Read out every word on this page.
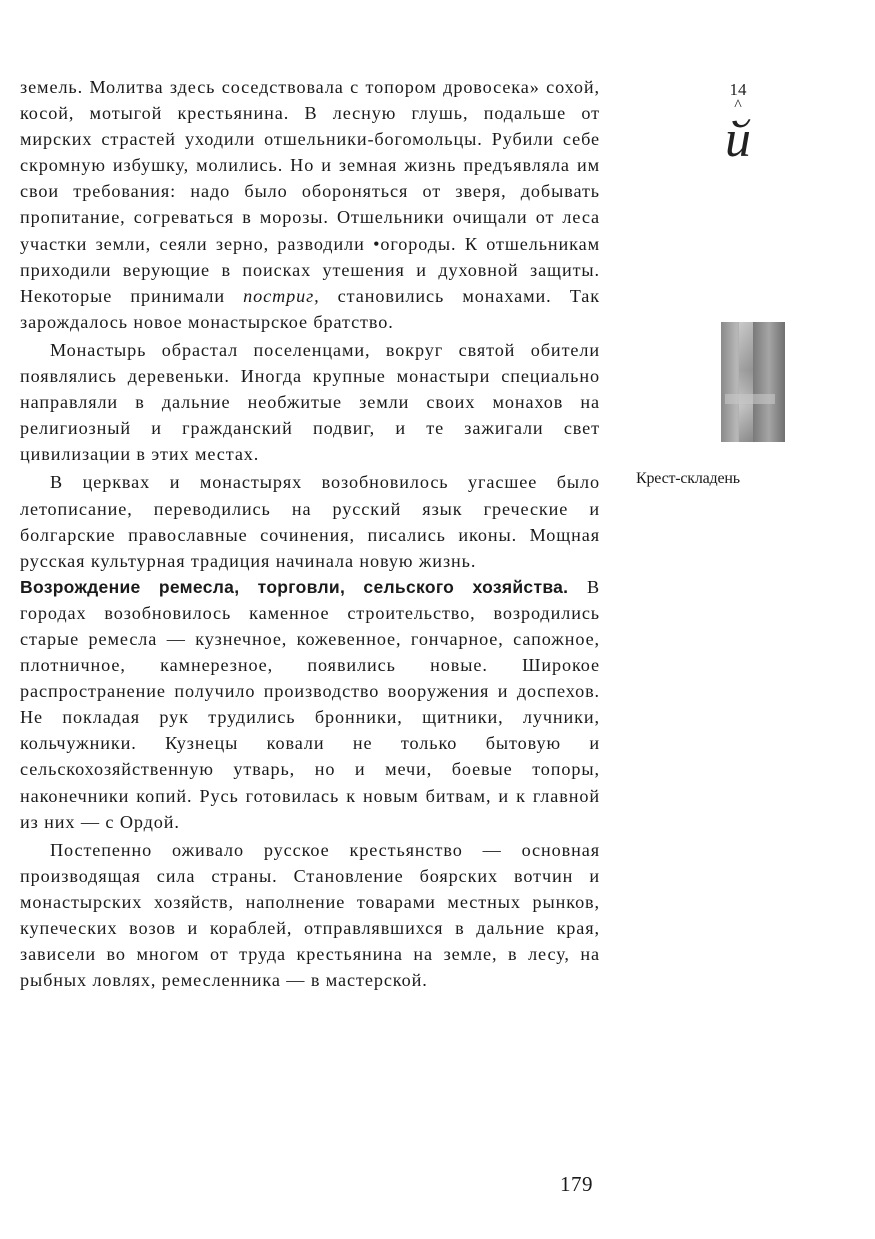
земель. Молитва здесь соседствовала с топором дровосека» сохой, косой, мотыгой крестьянина. В лесную глушь, подальше от мирских страстей уходили отшельники-богомольцы. Рубили себе скромную избушку, молились. Но и земная жизнь предъявляла им свои требования: надо было обороняться от зверя, добывать пропитание, согреваться в морозы. Отшельники очищали от леса участки земли, сеяли зерно, разводили •огороды. К отшельникам приходили верующие в поисках утешения и духовной защиты. Некоторые принимали постриг, становились монахами. Так зарождалось новое монастырское братство.

Монастырь обрастал поселенцами, вокруг святой обители появлялись деревеньки. Иногда крупные монастыри специально направляли в дальние необжитые земли своих монахов на религиозный и гражданский подвиг, и те зажигали свет цивилизации в этих местах.

В церквах и монастырях возобновилось угасшее было летописание, переводились на русский язык греческие и болгарские православные сочинения, писались иконы. Мощная русская культурная традиция начинала новую жизнь.

Возрождение ремесла, торговли, сельского хозяйства. В городах возобновилось каменное строительство, возродились старые ремесла — кузнечное, кожевенное, гончарное, сапожное, плотничное, камнерезное, появились новые. Широкое распространение получило производство вооружения и доспехов. Не покладая рук трудились бронники, щитники, лучники, кольчужники. Кузнецы ковали не только бытовую и сельскохозяйственную утварь, но и мечи, боевые топоры, наконечники копий. Русь готовилась к новым битвам, и к главной из них — с Ордой.

Постепенно оживало русское крестьянство — основная производящая сила страны. Становление боярских вотчин и монастырских хозяйств, наполнение товарами местных рынков, купеческих возов и кораблей, отправлявшихся в дальние края, зависели во многом от труда крестьянина на земле, в лесу, на рыбных ловлях, ремесленника — в мастерской.

14
^
й
Крест-складень
179
